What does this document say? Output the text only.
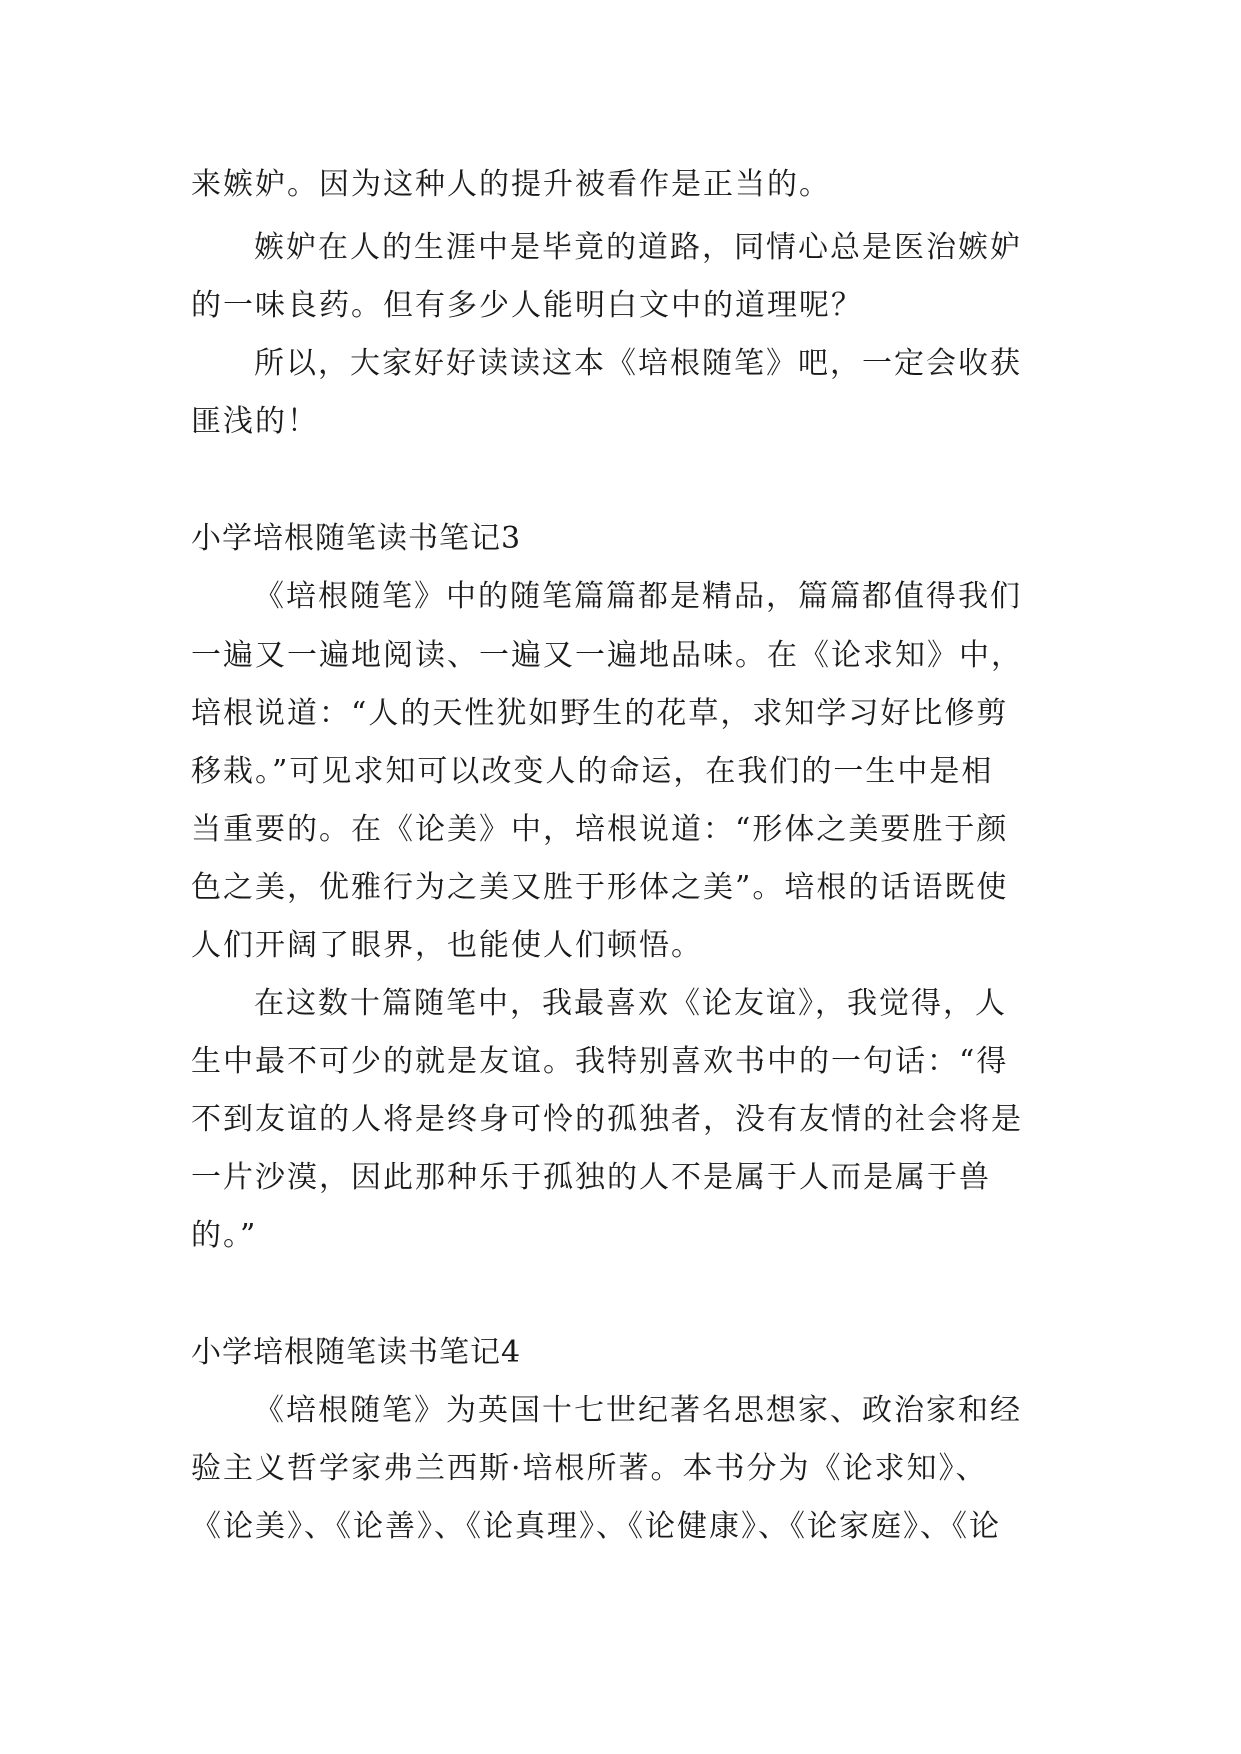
来嫉妒。因为这种人的提升被看作是正当的。
嫉妒在人的生涯中是毕竟的道路，同情心总是医治嫉妒
的一味良药。但有多少人能明白文中的道理呢？
所以，大家好好读读这本《培根随笔》吧，一定会收获
匪浅的！
小学培根随笔读书笔记3
《培根随笔》中的随笔篇篇都是精品，篇篇都值得我们
一遍又一遍地阅读、一遍又一遍地品味。在《论求知》中，
培根说道：“人的天性犹如野生的花草，求知学习好比修剪
移栽。”可见求知可以改变人的命运，在我们的一生中是相
当重要的。在《论美》中，培根说道：“形体之美要胜于颜
色之美，优雅行为之美又胜于形体之美”。培根的话语既使
人们开阔了眼界，也能使人们顿悟。
在这数十篇随笔中，我最喜欢《论友谊》，我觉得，人
生中最不可少的就是友谊。我特别喜欢书中的一句话：“得
不到友谊的人将是终身可怜的孤独者，没有友情的社会将是
一片沙漠，因此那种乐于孤独的人不是属于人而是属于兽
的。”
小学培根随笔读书笔记4
《培根随笔》为英国十七世纪著名思想家、政治家和经
验主义哲学家弗兰西斯·培根所著。本书分为《论求知》、
《论美》、《论善》、《论真理》、《论健康》、《论家庭》、《论
